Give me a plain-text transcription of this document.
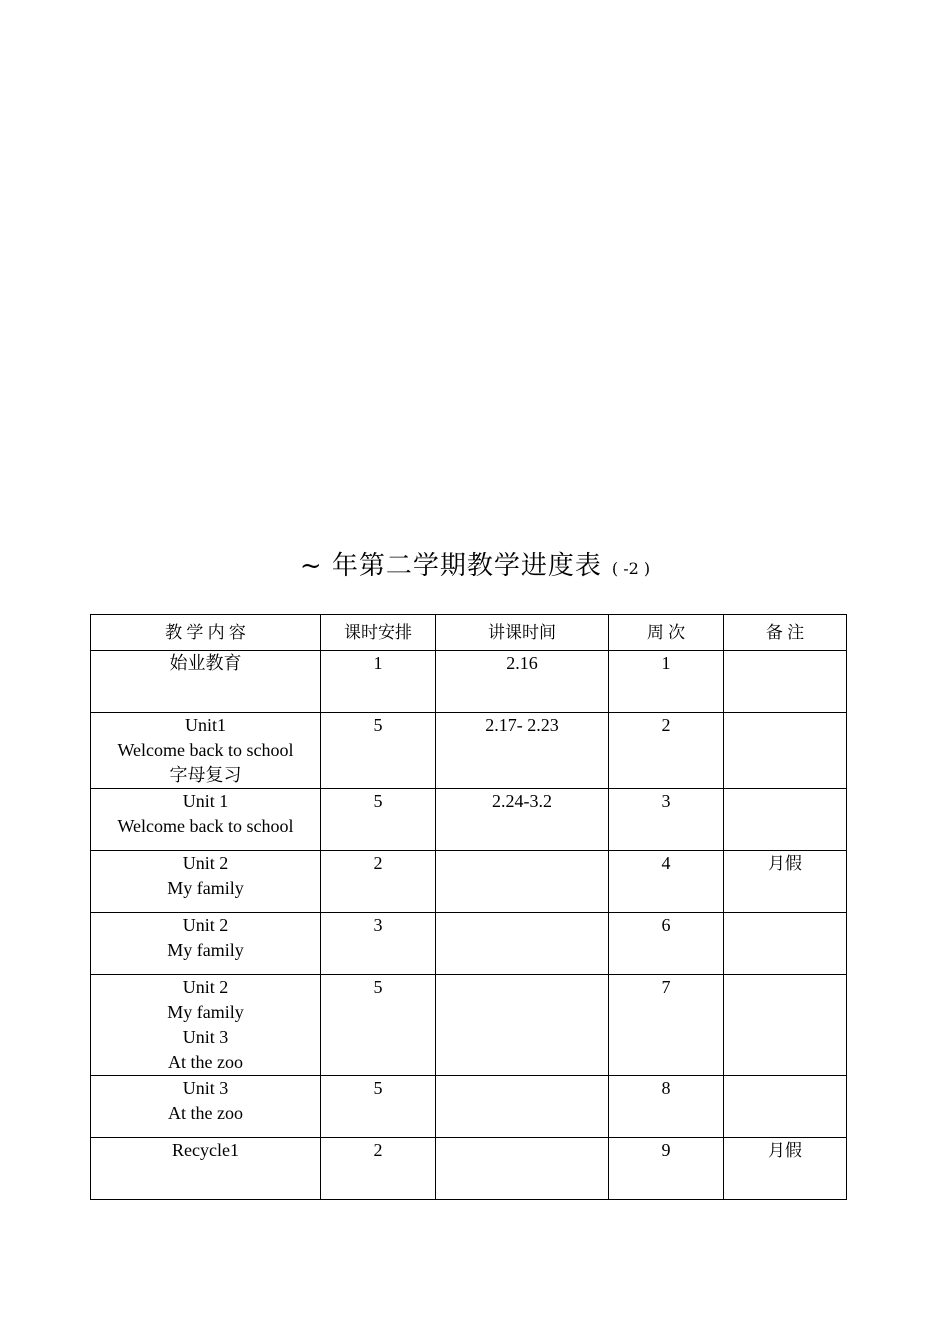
~ 年第二学期教学进度表 ( -2 )
教 学 内 容	课时安排	讲课时间	周 次	备 注

始业教育	1	2.16	1	

Unit1
Welcome back to school
字母复习	5	2.17- 2.23	2	

Unit 1
Welcome back to school	5	2.24-3.2	3	

Unit 2
My family	2		4	月假

Unit 2
My family	3		6	

Unit 2
My family
Unit 3
At the zoo	5		7	

Unit 3
At the zoo	5		8	

Recycle1	2		9	月假
